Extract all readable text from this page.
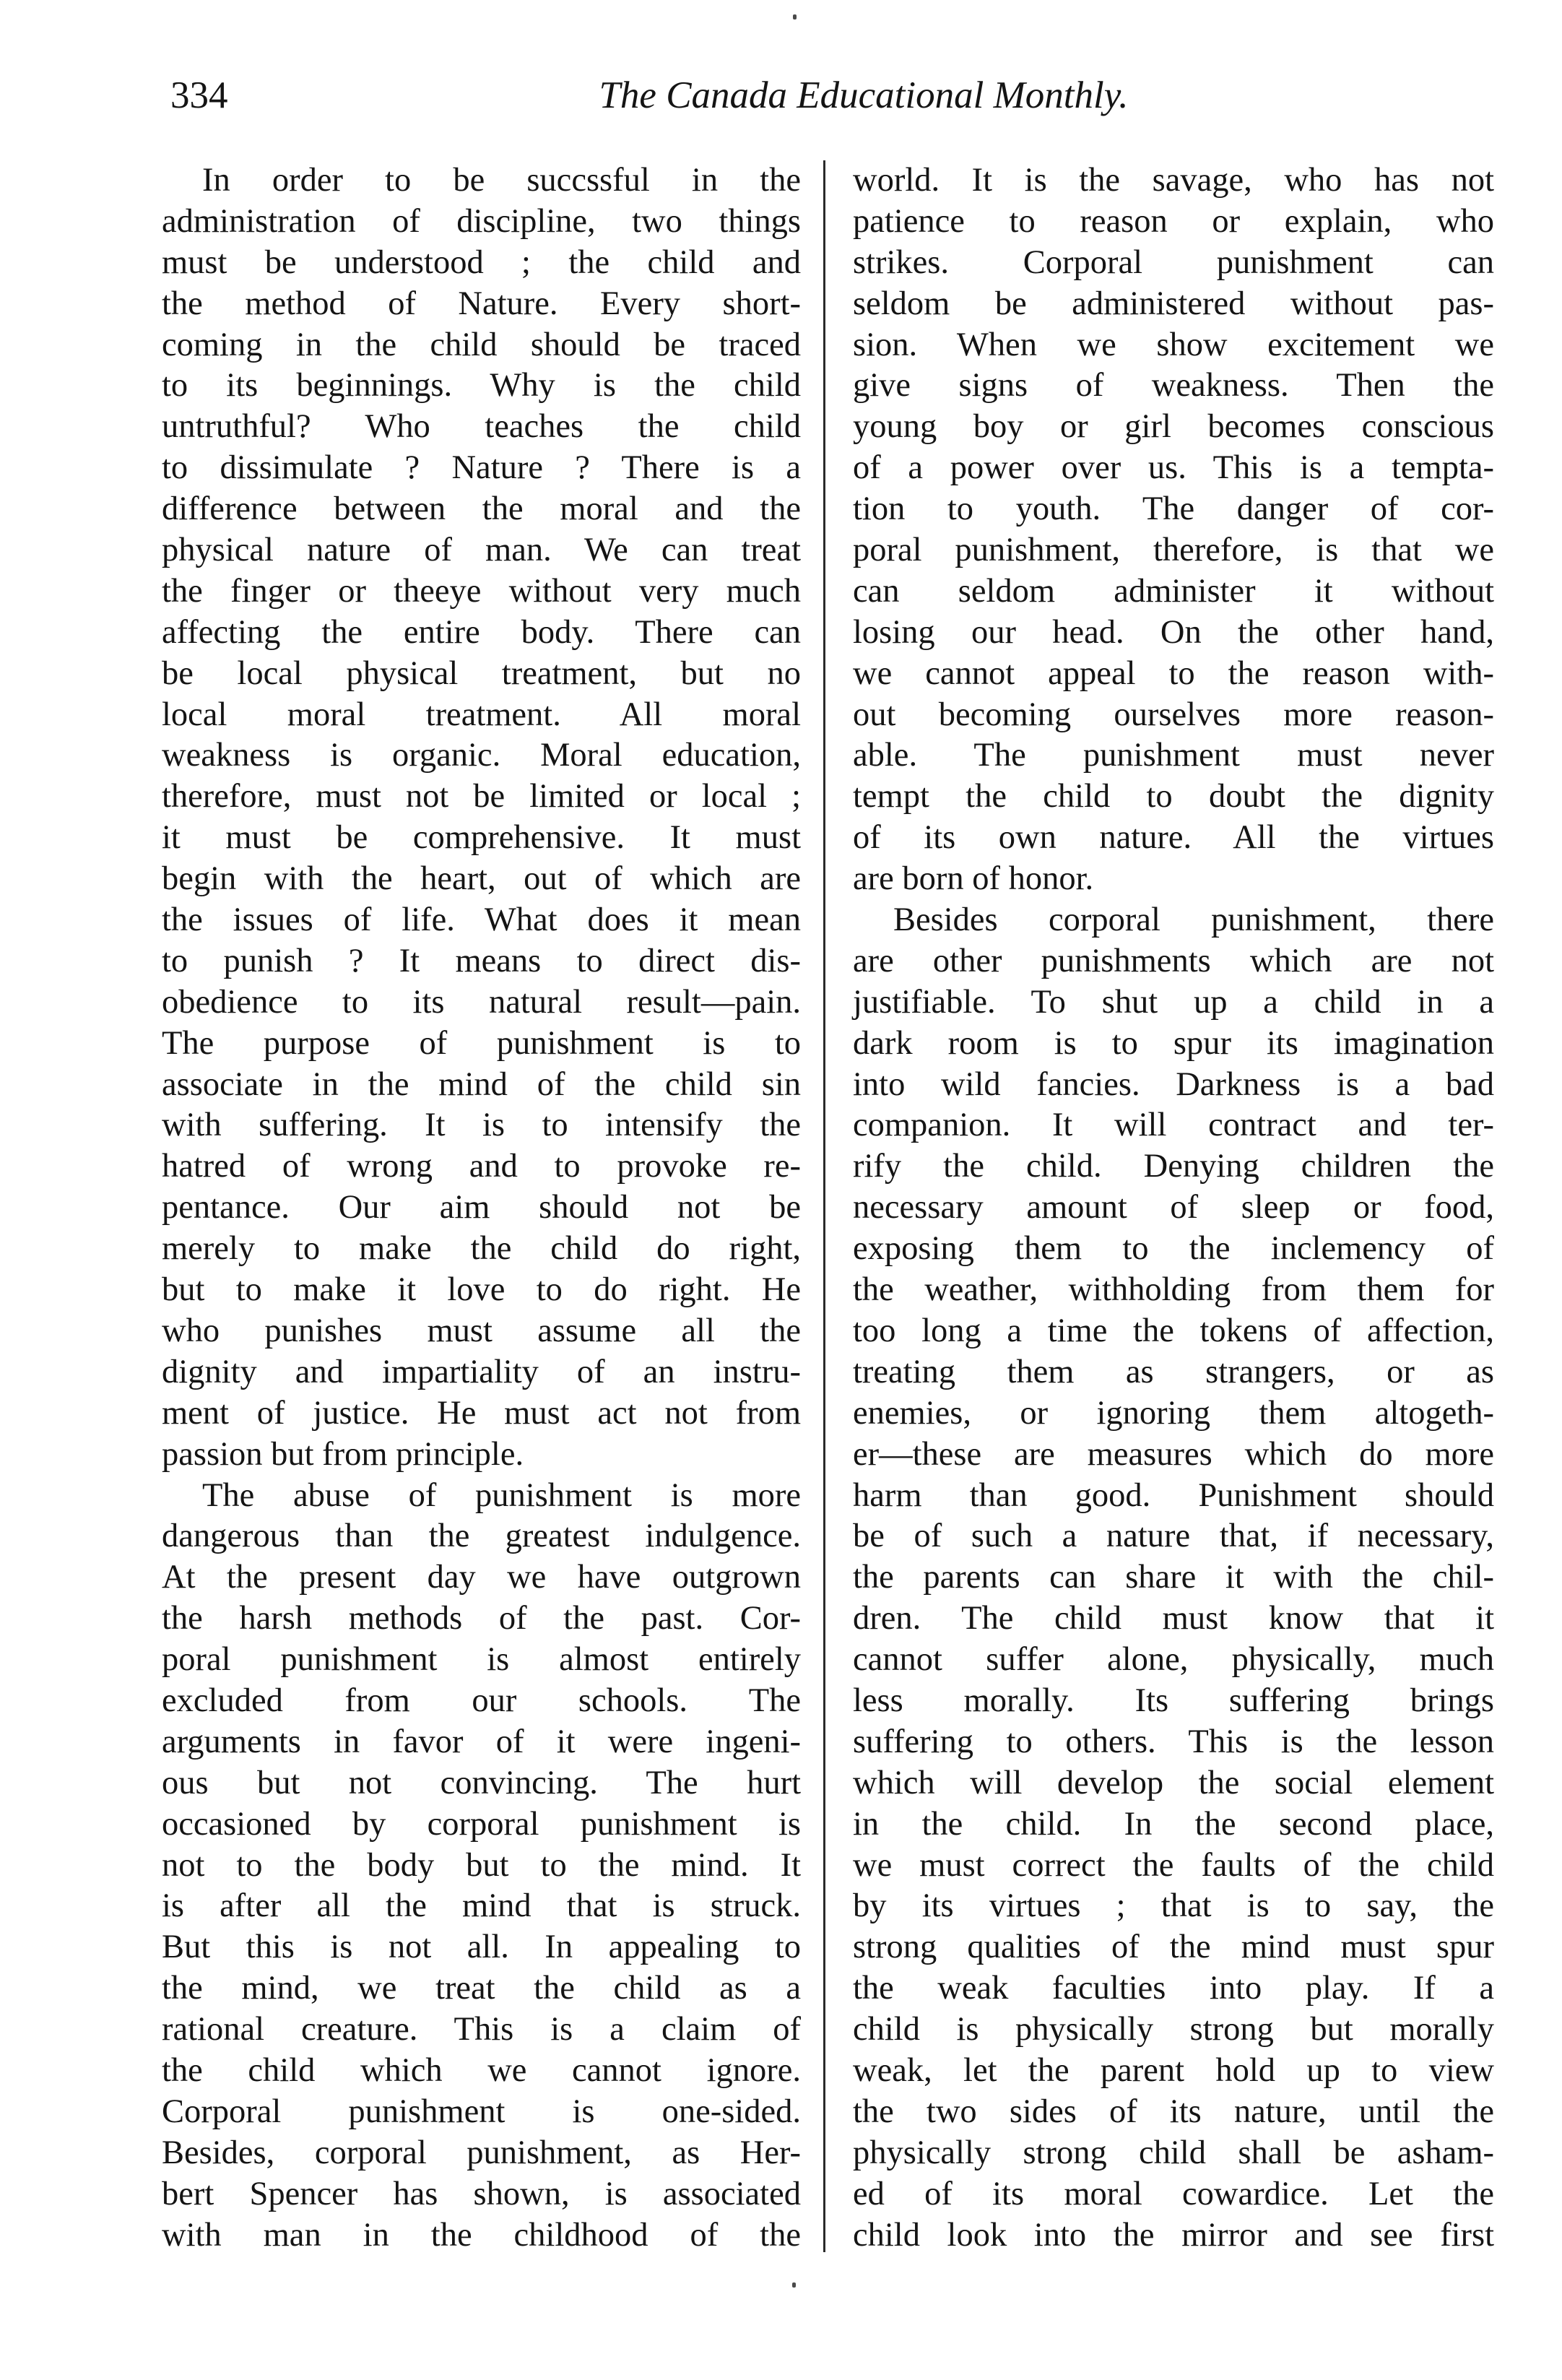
334	The Canada Educational Monthly.
In order to be succssful in the
administration of discipline, two things
must be understood ; the child and
the method of Nature. Every short-
coming in the child should be traced
to its beginnings. Why is the child
untruthful? Who teaches the child
to dissimulate ? Nature ? There is a
difference between the moral and the
physical nature of man. We can treat
the finger or theeye without very much
affecting the entire body. There can
be local physical treatment, but no
local moral treatment. All moral
weakness is organic. Moral education,
therefore, must not be limited or local ;
it must be comprehensive. It must
begin with the heart, out of which are
the issues of life. What does it mean
to punish ? It means to direct dis-
obedience to its natural result—pain.
The purpose of punishment is to
associate in the mind of the child sin
with suffering. It is to intensify the
hatred of wrong and to provoke re-
pentance. Our aim should not be
merely to make the child do right,
but to make it love to do right. He
who punishes must assume all the
dignity and impartiality of an instru-
ment of justice. He must act not from
passion but from principle.
The abuse of punishment is more
dangerous than the greatest indulgence.
At the present day we have outgrown
the harsh methods of the past. Cor-
poral punishment is almost entirely
excluded from our schools. The
arguments in favor of it were ingeni-
ous but not convincing. The hurt
occasioned by corporal punishment is
not to the body but to the mind. It
is after all the mind that is struck.
But this is not all. In appealing to
the mind, we treat the child as a
rational creature. This is a claim of
the child which we cannot ignore.
Corporal punishment is one-sided.
Besides, corporal punishment, as Her-
bert Spencer has shown, is associated
with man in the childhood of the
world. It is the savage, who has not
patience to reason or explain, who
strikes. Corporal punishment can
seldom be administered without pas-
sion. When we show excitement we
give signs of weakness. Then the
young boy or girl becomes conscious
of a power over us. This is a tempta-
tion to youth. The danger of cor-
poral punishment, therefore, is that we
can seldom administer it without
losing our head. On the other hand,
we cannot appeal to the reason with-
out becoming ourselves more reason-
able. The punishment must never
tempt the child to doubt the dignity
of its own nature. All the virtues
are born of honor.
Besides corporal punishment, there
are other punishments which are not
justifiable. To shut up a child in a
dark room is to spur its imagination
into wild fancies. Darkness is a bad
companion. It will contract and ter-
rify the child. Denying children the
necessary amount of sleep or food,
exposing them to the inclemency of
the weather, withholding from them for
too long a time the tokens of affection,
treating them as strangers, or as
enemies, or ignoring them altogeth-
er—these are measures which do more
harm than good. Punishment should
be of such a nature that, if necessary,
the parents can share it with the chil-
dren. The child must know that it
cannot suffer alone, physically, much
less morally. Its suffering brings
suffering to others. This is the lesson
which will develop the social element
in the child. In the second place,
we must correct the faults of the child
by its virtues ; that is to say, the
strong qualities of the mind must spur
the weak faculties into play. If a
child is physically strong but morally
weak, let the parent hold up to view
the two sides of its nature, until the
physically strong child shall be asham-
ed of its moral cowardice. Let the
child look into the mirror and see first
